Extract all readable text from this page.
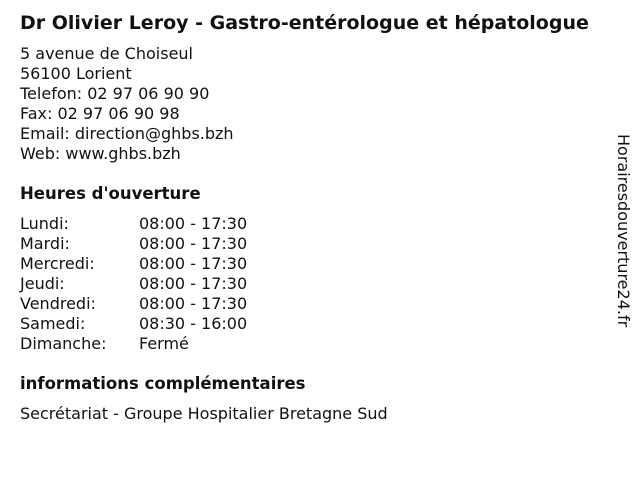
Dr Olivier Leroy - Gastro-entérologue et hépatologue
5 avenue de Choiseul
56100 Lorient
Telefon: 02 97 06 90 90
Fax: 02 97 06 90 98
Email: direction@ghbs.bzh
Web: www.ghbs.bzh
Heures d'ouverture
Lundi:	08:00 - 17:30
Mardi:	08:00 - 17:30
Mercredi:	08:00 - 17:30
Jeudi:	08:00 - 17:30
Vendredi:	08:00 - 17:30
Samedi:	08:30 - 16:00
Dimanche: Fermé
informations complémentaires
Secrétariat - Groupe Hospitalier Bretagne Sud
Horairesdouverture24.fr
